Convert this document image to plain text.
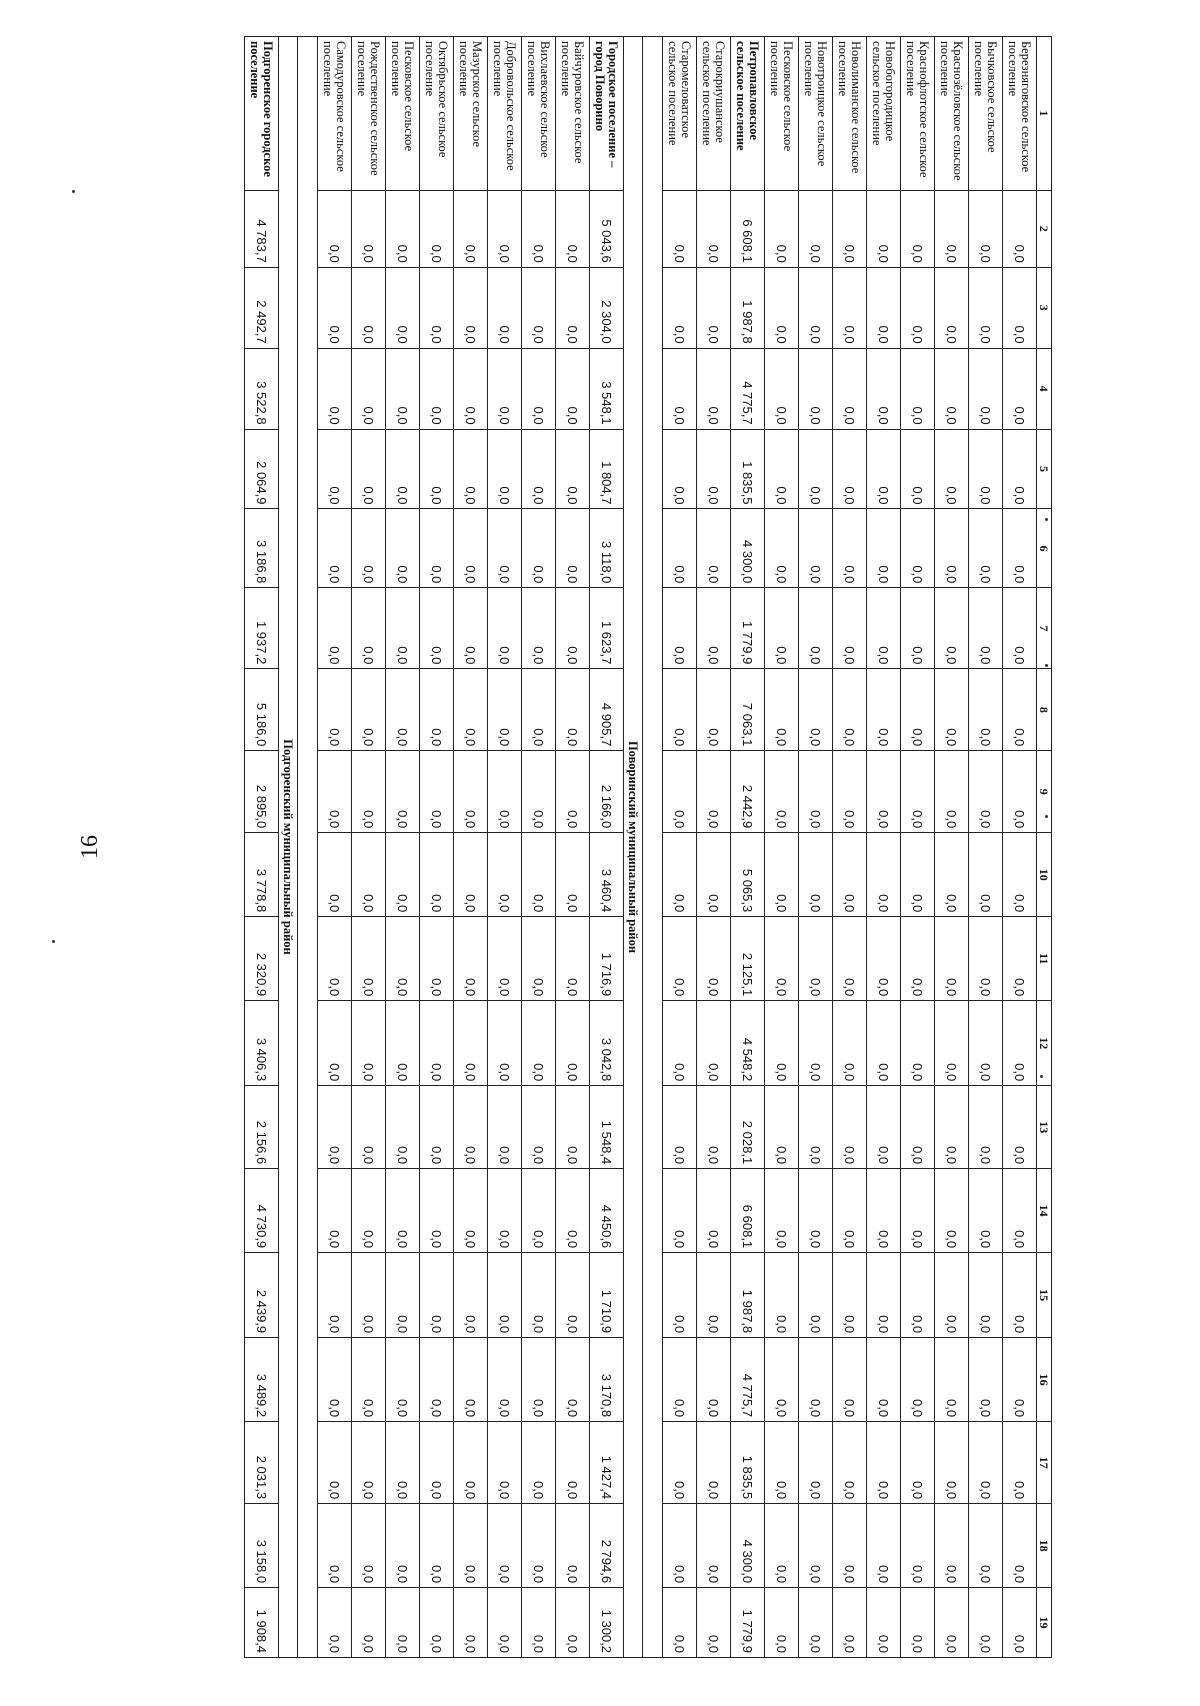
16
1	2	3	4	5	6	7	8	9	10	11	12	13	14	15	16	17	18	19
Березняговское сельское поселение	0,0	0,0	0,0	0,0	0,0	0,0	0,0	0,0	0,0	0,0	0,0	0,0	0,0	0,0	0,0	0,0	0,0	0,0
Бычковское сельское поселение	0,0	0,0	0,0	0,0	0,0	0,0	0,0	0,0	0,0	0,0	0,0	0,0	0,0	0,0	0,0	0,0	0,0	0,0
Краснозёловское сельское поселение	0,0	0,0	0,0	0,0	0,0	0,0	0,0	0,0	0,0	0,0	0,0	0,0	0,0	0,0	0,0	0,0	0,0	0,0
Краснофлотское сельское поселение	0,0	0,0	0,0	0,0	0,0	0,0	0,0	0,0	0,0	0,0	0,0	0,0	0,0	0,0	0,0	0,0	0,0	0,0
Новобогородицкое сельское поселение	0,0	0,0	0,0	0,0	0,0	0,0	0,0	0,0	0,0	0,0	0,0	0,0	0,0	0,0	0,0	0,0	0,0	0,0
Новолиманское сельское поселение	0,0	0,0	0,0	0,0	0,0	0,0	0,0	0,0	0,0	0,0	0,0	0,0	0,0	0,0	0,0	0,0	0,0	0,0
Новотроицкое сельское поселение	0,0	0,0	0,0	0,0	0,0	0,0	0,0	0,0	0,0	0,0	0,0	0,0	0,0	0,0	0,0	0,0	0,0	0,0
Песковское сельское поселение	0,0	0,0	0,0	0,0	0,0	0,0	0,0	0,0	0,0	0,0	0,0	0,0	0,0	0,0	0,0	0,0	0,0	0,0
Петропавловское сельское поселение	6 608,1	1 987,8	4 775,7	1 835,5	4 300,0	1 779,9	7 063,1	2 442,9	5 065,3	2 125,1	4 548,2	2 028,1	6 608,1	1 987,8	4 775,7	1 835,5	4 300,0	1 779,9
Старокриушанское сельское поселение	0,0	0,0	0,0	0,0	0,0	0,0	0,0	0,0	0,0	0,0	0,0	0,0	0,0	0,0	0,0	0,0	0,0	0,0
Старомеловатское сельское поселение	0,0	0,0	0,0	0,0	0,0	0,0	0,0	0,0	0,0	0,0	0,0	0,0	0,0	0,0	0,0	0,0	0,0	0,0

Поворинский муниципальный район																		
Городское поселение – город Поворино	5 043,6	2 304,0	3 548,1	1 804,7	3 118,0	1 623,7	4 905,7	2 166,0	3 460,4	1 716,9	3 042,8	1 548,4	4 450,6	1 710,9	3 170,8	1 427,4	2 794,6	1 300,2
Байчуровское сельское поселение	0,0	0,0	0,0	0,0	0,0	0,0	0,0	0,0	0,0	0,0	0,0	0,0	0,0	0,0	0,0	0,0	0,0	0,0
Вихлаевское сельское поселение	0,0	0,0	0,0	0,0	0,0	0,0	0,0	0,0	0,0	0,0	0,0	0,0	0,0	0,0	0,0	0,0	0,0	0,0
Добровольское сельское поселение	0,0	0,0	0,0	0,0	0,0	0,0	0,0	0,0	0,0	0,0	0,0	0,0	0,0	0,0	0,0	0,0	0,0	0,0
Мазурское сельское поселение	0,0	0,0	0,0	0,0	0,0	0,0	0,0	0,0	0,0	0,0	0,0	0,0	0,0	0,0	0,0	0,0	0,0	0,0
Октябрьское сельское поселение	0,0	0,0	0,0	0,0	0,0	0,0	0,0	0,0	0,0	0,0	0,0	0,0	0,0	0,0	0,0	0,0	0,0	0,0
Песковское сельское поселение	0,0	0,0	0,0	0,0	0,0	0,0	0,0	0,0	0,0	0,0	0,0	0,0	0,0	0,0	0,0	0,0	0,0	0,0
Рождественское сельское поселение	0,0	0,0	0,0	0,0	0,0	0,0	0,0	0,0	0,0	0,0	0,0	0,0	0,0	0,0	0,0	0,0	0,0	0,0
Самодуровское сельское поселение	0,0	0,0	0,0	0,0	0,0	0,0	0,0	0,0	0,0	0,0	0,0	0,0	0,0	0,0	0,0	0,0	0,0	0,0

Подгоренский муниципальный район																		
Подгоренское городское поселение	4 783,7	2 492,7	3 522,8	2 064,9	3 186,8	1 937,2	5 186,0	2 895,0	3 778,8	2 320,9	3 406,3	2 156,6	4 730,9	2 439,9	3 489,2	2 031,3	3 158,0	1 908,4
